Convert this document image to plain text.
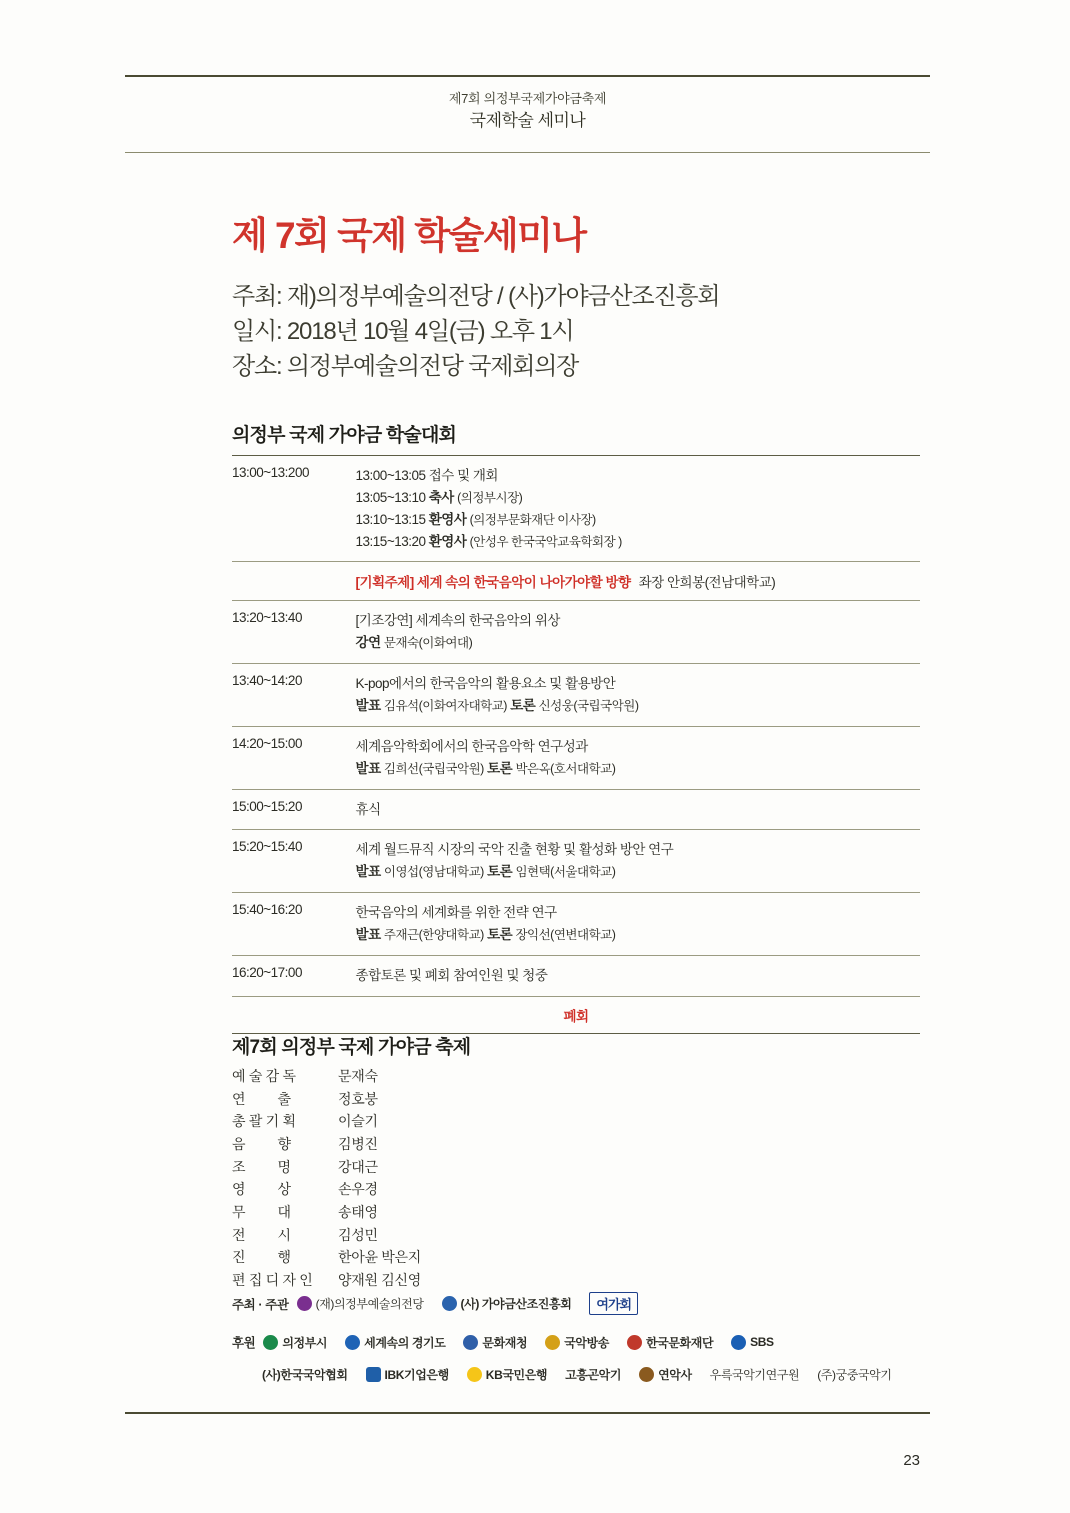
제7회 의정부국제가야금축제
국제학술 세미나
제 7회 국제 학술세미나
주최: 재)의정부예술의전당 / (사)가야금산조진흥회
일시: 2018년 10월 4일(금) 오후 1시
장소: 의정부예술의전당 국제회의장
의정부 국제 가야금 학술대회
13:00~13:200	13:00~13:05 접수 및 개회
13:05~13:10 축사 (의정부시장)
13:10~13:15 환영사 (의정부문화재단 이사장)
13:15~13:20 환영사 (안성우 한국국악교육학회장 )

	[기획주제] 세계 속의 한국음악이 나아가야할 방향 좌장 안희봉(전남대학교)

13:20~13:40	[기조강연] 세계속의 한국음악의 위상
강연 문재숙(이화여대)

13:40~14:20	K-pop에서의 한국음악의 활용요소 및 활용방안
발표 김유석(이화여자대학교) 토론 신성웅(국립국악원)

14:20~15:00	세계음악학회에서의 한국음악학 연구성과
발표 김희선(국립국악원) 토론 박은옥(호서대학교)

15:00~15:20	휴식

15:20~15:40	세계 월드뮤직 시장의 국악 진출 현황 및 활성화 방안 연구
발표 이영섭(영남대학교) 토론 임현택(서울대학교)

15:40~16:20	한국음악의 세계화를 위한 전략 연구
발표 주재근(한양대학교) 토론 장익선(연변대학교)

16:20~17:00	종합토론 및 폐회 참여인원 및 청중

폐회	
제7회 의정부 국제 가야금 축제
예 술 감 독	문재숙
연         출	정호붕
총 괄 기 획	이슬기
음         향	김병진
조         명	강대근
영         상	손우경
무         대	송태영
전         시	김성민
진         행	한아윤 박은지
편 집 디 자 인	양재원 김신영
주최 · 주관 (재)의정부예술의전당	(사) 가야금산조진흥회	여가회
후원 의정부시	세계속의 경기도	문화재청	국악방송	한국문화재단	SBS
(사)한국국악협회	IBK기업은행	KB국민은행 고흥곤악기	연악사 우륵국악기연구원 (주)궁중국악기
23
